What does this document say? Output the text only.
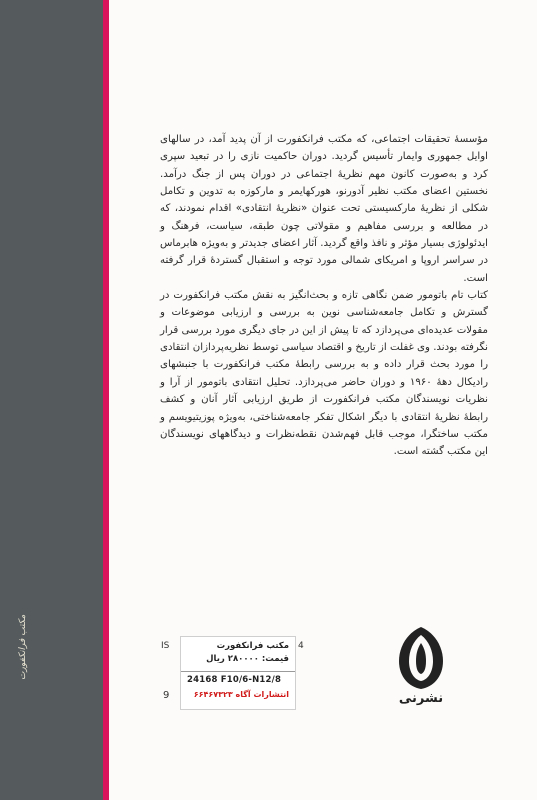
مکتب فرانکفورت

مؤسسهٔ تحقیقات اجتماعی، که مکتب فرانکفورت از آن پدید آمد، در سالهای اوایل جمهوری وایمار تأسیس گردید. دوران حاکمیت نازی را در تبعید سپری کرد و به‌صورت کانون مهم نظریهٔ اجتماعی در دوران پس از جنگ درآمد. نخستین اعضای مکتب نظیر آدورنو، هورکهایمر و مارکوزه به تدوین و تکامل شکلی از نظریهٔ مارکسیستی تحت عنوان «نظریهٔ انتقادی» اقدام نمودند، که در مطالعه و بررسی مفاهیم و مقولاتی چون طبقه، سیاست، فرهنگ و ایدئولوژی بسیار مؤثر و نافذ واقع گردید. آثار اعضای جدیدتر و به‌ویژه هابرماس در سراسر اروپا و امریکای شمالی مورد توجه و استقبال گستردهٔ قرار گرفته است.

کتاب تام باتومور ضمن نگاهی تازه و بحث‌انگیز به نقش مکتب فرانکفورت در گسترش و تکامل جامعه‌شناسی نوین به بررسی و ارزیابی موضوعات و مقولات عدیده‌ای می‌پردازد که تا پیش از این در جای دیگری مورد بررسی قرار نگرفته بودند. وی غفلت از تاریخ و اقتصاد سیاسی توسط نظریه‌پردازان انتقادی را مورد بحث قرار داده و به بررسی رابطهٔ مکتب فرانکفورت با جنبشهای رادیکال دههٔ ۱۹۶۰ و دوران حاضر می‌پردازد. تحلیل انتقادی باتومور از آرا و نظریات نویسندگان مکتب فرانکفورت از طریق ارزیابی آثار آنان و کشف رابطهٔ نظریهٔ انتقادی با دیگر اشکال تفکر جامعه‌شناختی، به‌ویژه پوزیتیویسم و مکتب ساختگرا، موجب قابل فهم‌شدن نقطه‌نظرات و دیدگاههای نویسندگان این مکتب گشته است.

IS	4
9
مکتب فرانکفورت
قیمت: ۲۸۰۰۰۰ ریال
24168 F10/6-N12/8
انتشارات آگاه ۶۶۴۶۷۳۲۳	نشرنی
